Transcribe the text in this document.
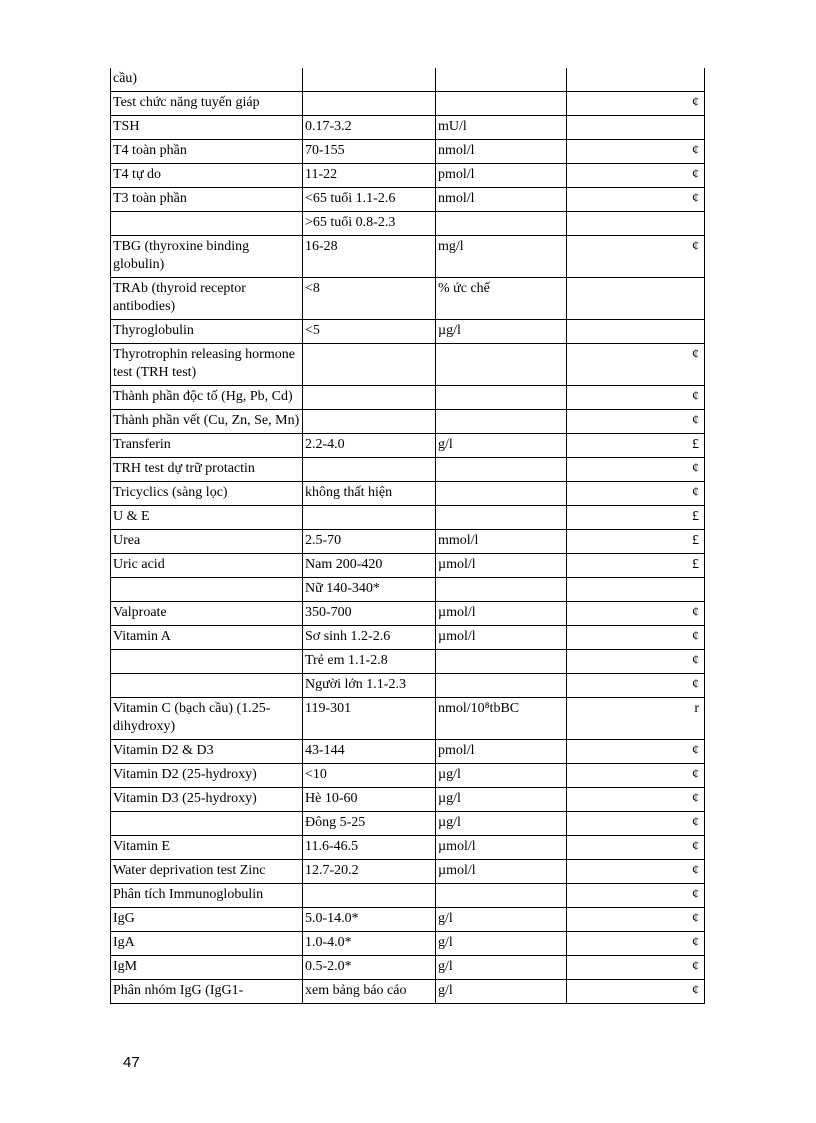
cầu)			
Test chức năng tuyến giáp			¢
TSH	0.17-3.2	mU/l	
T4 toàn phần	70-155	nmol/l	¢
T4 tự do	11-22	pmol/l	¢
T3 toàn phần	<65 tuổi 1.1-2.6	nmol/l	¢
	>65 tuổi 0.8-2.3		
TBG (thyroxine binding globulin)	16-28	mg/l	¢
TRAb (thyroid receptor antibodies)	<8	% ức chế	
Thyroglobulin	<5	µg/l	
Thyrotrophin releasing hormone test (TRH test)			¢
Thành phần độc tố (Hg, Pb, Cd)			¢
Thành phần vết (Cu, Zn, Se, Mn)			¢
Transferin	2.2-4.0	g/l	£
TRH test dự trữ protactin			¢
Tricyclics (sàng lọc)	không thất hiện		¢
U & E			£
Urea	2.5-70	mmol/l	£
Uric acid	Nam 200-420	µmol/l	£
	Nữ 140-340*		
Valproate	350-700	µmol/l	¢
Vitamin A	Sơ sinh 1.2-2.6	µmol/l	¢
	Trẻ em 1.1-2.8		¢
	Người lớn 1.1-2.3		¢
Vitamin C (bạch cầu) (1.25-dihydroxy)	119-301	nmol/10⁸tbBC	r
Vitamin D2 & D3	43-144	pmol/l	¢
Vitamin D2 (25-hydroxy)	<10	µg/l	¢
Vitamin D3 (25-hydroxy)	Hè 10-60	µg/l	¢
	Đông 5-25	µg/l	¢
Vitamin E	11.6-46.5	µmol/l	¢
Water deprivation test Zinc	12.7-20.2	µmol/l	¢
Phân tích Immunoglobulin			¢
IgG	5.0-14.0*	g/l	¢
IgA	1.0-4.0*	g/l	¢
IgM	0.5-2.0*	g/l	¢
Phân nhóm IgG (IgG1-	xem bảng báo cáo	g/l	¢
47
